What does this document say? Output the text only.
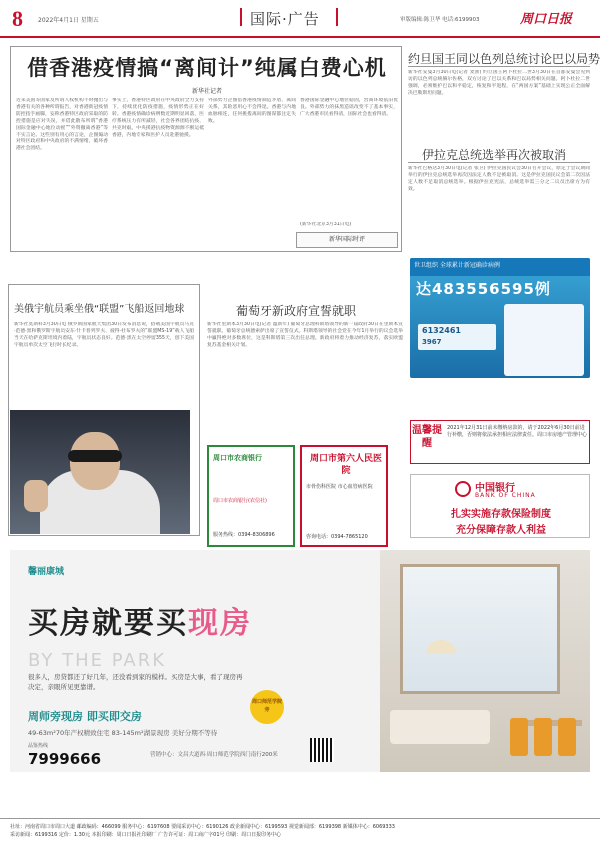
8	2022年4月1日 星期五	国际·广告	审版编辑:陈卫华 电话:6199903	周口日报
借香港疫情搞“离间计”纯属白费心机
新华社记者
近来美国等国家及所谓人权机构不时抛出与香港有关的各种所谓报告，对香港新冠疫情防控指手画脚，妄称香港特区政府采取的防控措施是应对失误，并借此散布所谓“香港国际金融中心地位动摇”“外资撤离香港”等不实言论。这些别有用心的言论，企图煽动对特区政府和中央政府的不满情绪，破坏香港社会团结。
事实上，香港特区政府在中央政府全力支持下，持续优化防疫措施，疫情形势正在好转。香港疫情确诊病例数近期明显回落，医疗系统压力有所减轻，社会各界团结抗疫、共克时艰。中央援港抗疫物资源源不断运抵香港，内地专家和医护人员赴港驰援。
外部势力企图借香港疫情制造矛盾、离间关系，其险恶用心不会得逞。香港与内地血脉相连，任何挑拨离间的图谋都注定失败。
香港国际金融中心地位稳固，营商环境依旧优良。外部势力的抹黑造谣改变不了基本事实，广大香港市民看得清，国际社会也看得清。
(新华社北京3月31日电)
新华国际时评
约旦国王同以色列总统讨论巴以局势
新华社安曼3月30日电(记者 麦蕾) 约旦国王阿卜杜拉二世3月30日在首都安曼会见到访的以色列总统赫尔佐格，双方讨论了巴以关系和巴以局势相关问题。阿卜杜拉二世强调，必须维护巴以和平稳定，恢复和平进程，在“两国方案”基础上实现公正全面解决巴勒斯坦问题。
伊拉克总统选举再次被取消
新华社巴格达3月30日电(记者 张卫) 伊拉克国民议会30日召开会议，原定于会议期间举行的伊拉克总统选举再次因法定人数不足被取消。这是伊拉克国民议会第二次因法定人数不足取消总统选举。根据伊拉克宪法，总统选举需三分之二议员出席方为有效。
世卫组织 全球累计新冠确诊病例
达483556595例
6132461
3967
温馨提醒
2021年12月31日前未缴纳房款的，请于2022年6月30日前进行补缴，否则将依法承担相应法律责任。周口市房地产管理中心
中国银行
BANK OF CHINA
扎实实施存款保险制度
充分保障存款人利益
美俄宇航员乘坐俄“联盟”飞船返回地球
新华社莫斯科3月30日电 俄罗斯国家航天集团30日发布消息说，搭载美国宇航员马克·范德·黑和俄罗斯宇航员安东·什卡普列罗夫、彼得·杜布罗夫的“联盟MS-19”载人飞船当天在哈萨克斯坦境内着陆，宇航员状态良好。范德·黑在太空停留355天，创下美国宇航员单次太空飞行时长纪录。
葡萄牙新政府宣誓就职
新华社里斯本3月30日电(记者 温新年) 葡萄牙总理科斯塔领导的新一届政府30日在里斯本宣誓就职。葡萄牙总统德索萨出席了宣誓仪式。科斯塔领导的社会党在今年1月举行的议会选举中赢得绝对多数席位，这是科斯塔第三次出任总理。新政府将着力推动经济复苏，落实欧盟复苏基金相关计划。
周口市农商银行
周口市农商银行(农信社)
服务热线：0394-8306896
周口市第六人民医院
市骨伤科医院 市心血管病医院
咨询电话：0394-7865120
馨丽康城
买房就要买现房
BY THE PARK
很多人，房贷都还了好几年，还没看到家的模样。买房是大事，看了现房再决定，亲眼所见更靠谱。
周师旁现房 即买即交房
49-63m²70年产权精致住宅 83-145m²湖景现房 美好分期不等待
品鉴热线
7999666	营销中心：文昌大道西·周口师范学院西门南行200米
周口师范学院旁
社址：河南省周口市周口大道 邮政编码：466099 服务中心：6197608 要闻采访中心：6190126 政企新闻中心：6199593 视觉新闻部：6199398 新媒体中心：6069333
采访新闻：6199316 定价：1.30元 本报印刷：周口日报社印刷厂 广告许可证：周工商广字01号 印刷：周口日报印务中心
